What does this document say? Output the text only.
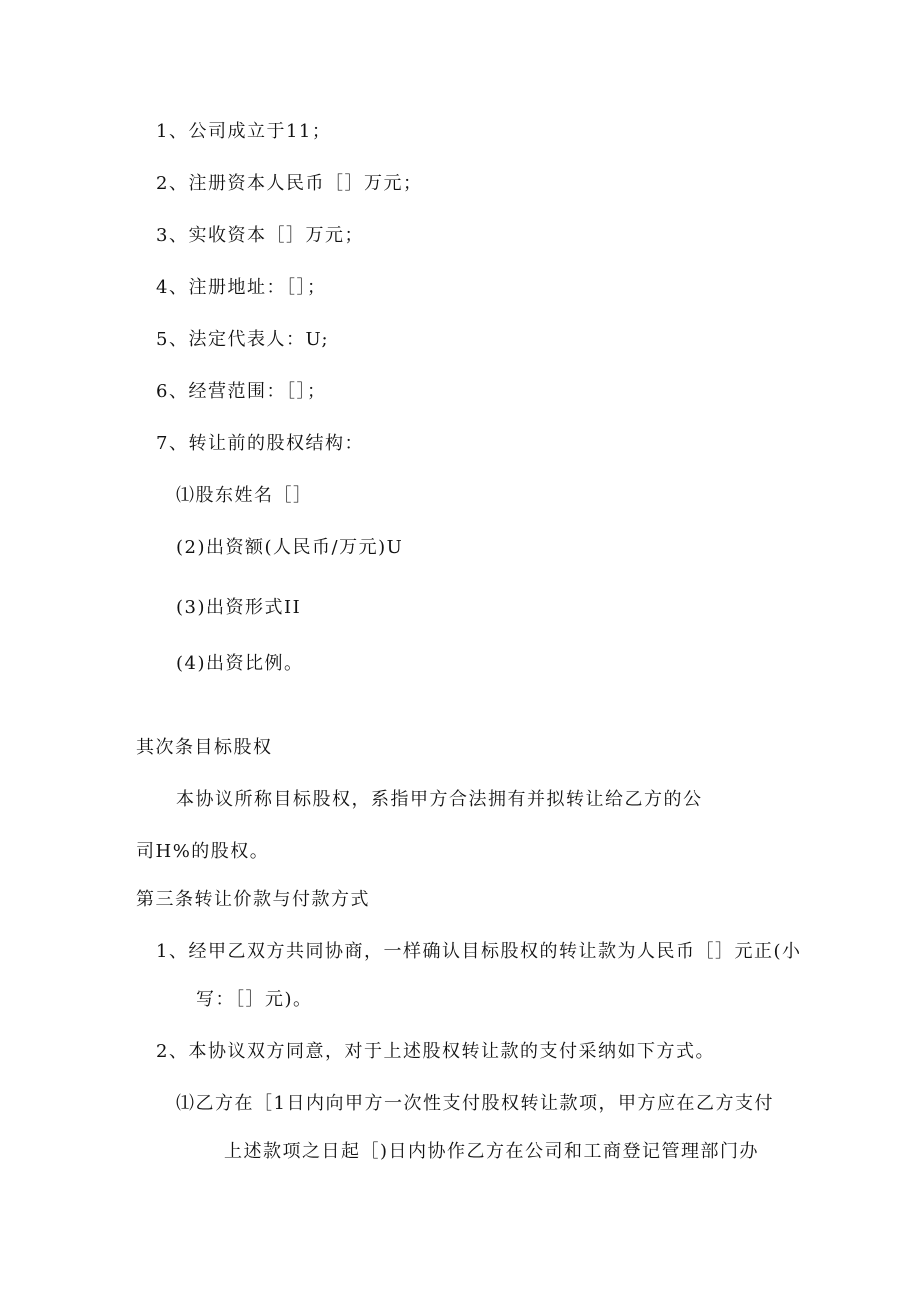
1、公司成立于11；
2、注册资本人民币［］万元；
3、实收资本［］万元；
4、注册地址：［］；
5、法定代表人：U;
6、经营范围：［］；
7、转让前的股权结构：
⑴股东姓名［］
(2)出资额(人民币/万元)U
(3)出资形式II
(4)出资比例。
其次条目标股权
本协议所称目标股权，系指甲方合法拥有并拟转让给乙方的公
司H%的股权。
第三条转让价款与付款方式
1、经甲乙双方共同协商，一样确认目标股权的转让款为人民币［］元正(小
写：［］元)。
2、本协议双方同意，对于上述股权转让款的支付采纳如下方式。
⑴乙方在［1日内向甲方一次性支付股权转让款项，甲方应在乙方支付
上述款项之日起［)日内协作乙方在公司和工商登记管理部门办
